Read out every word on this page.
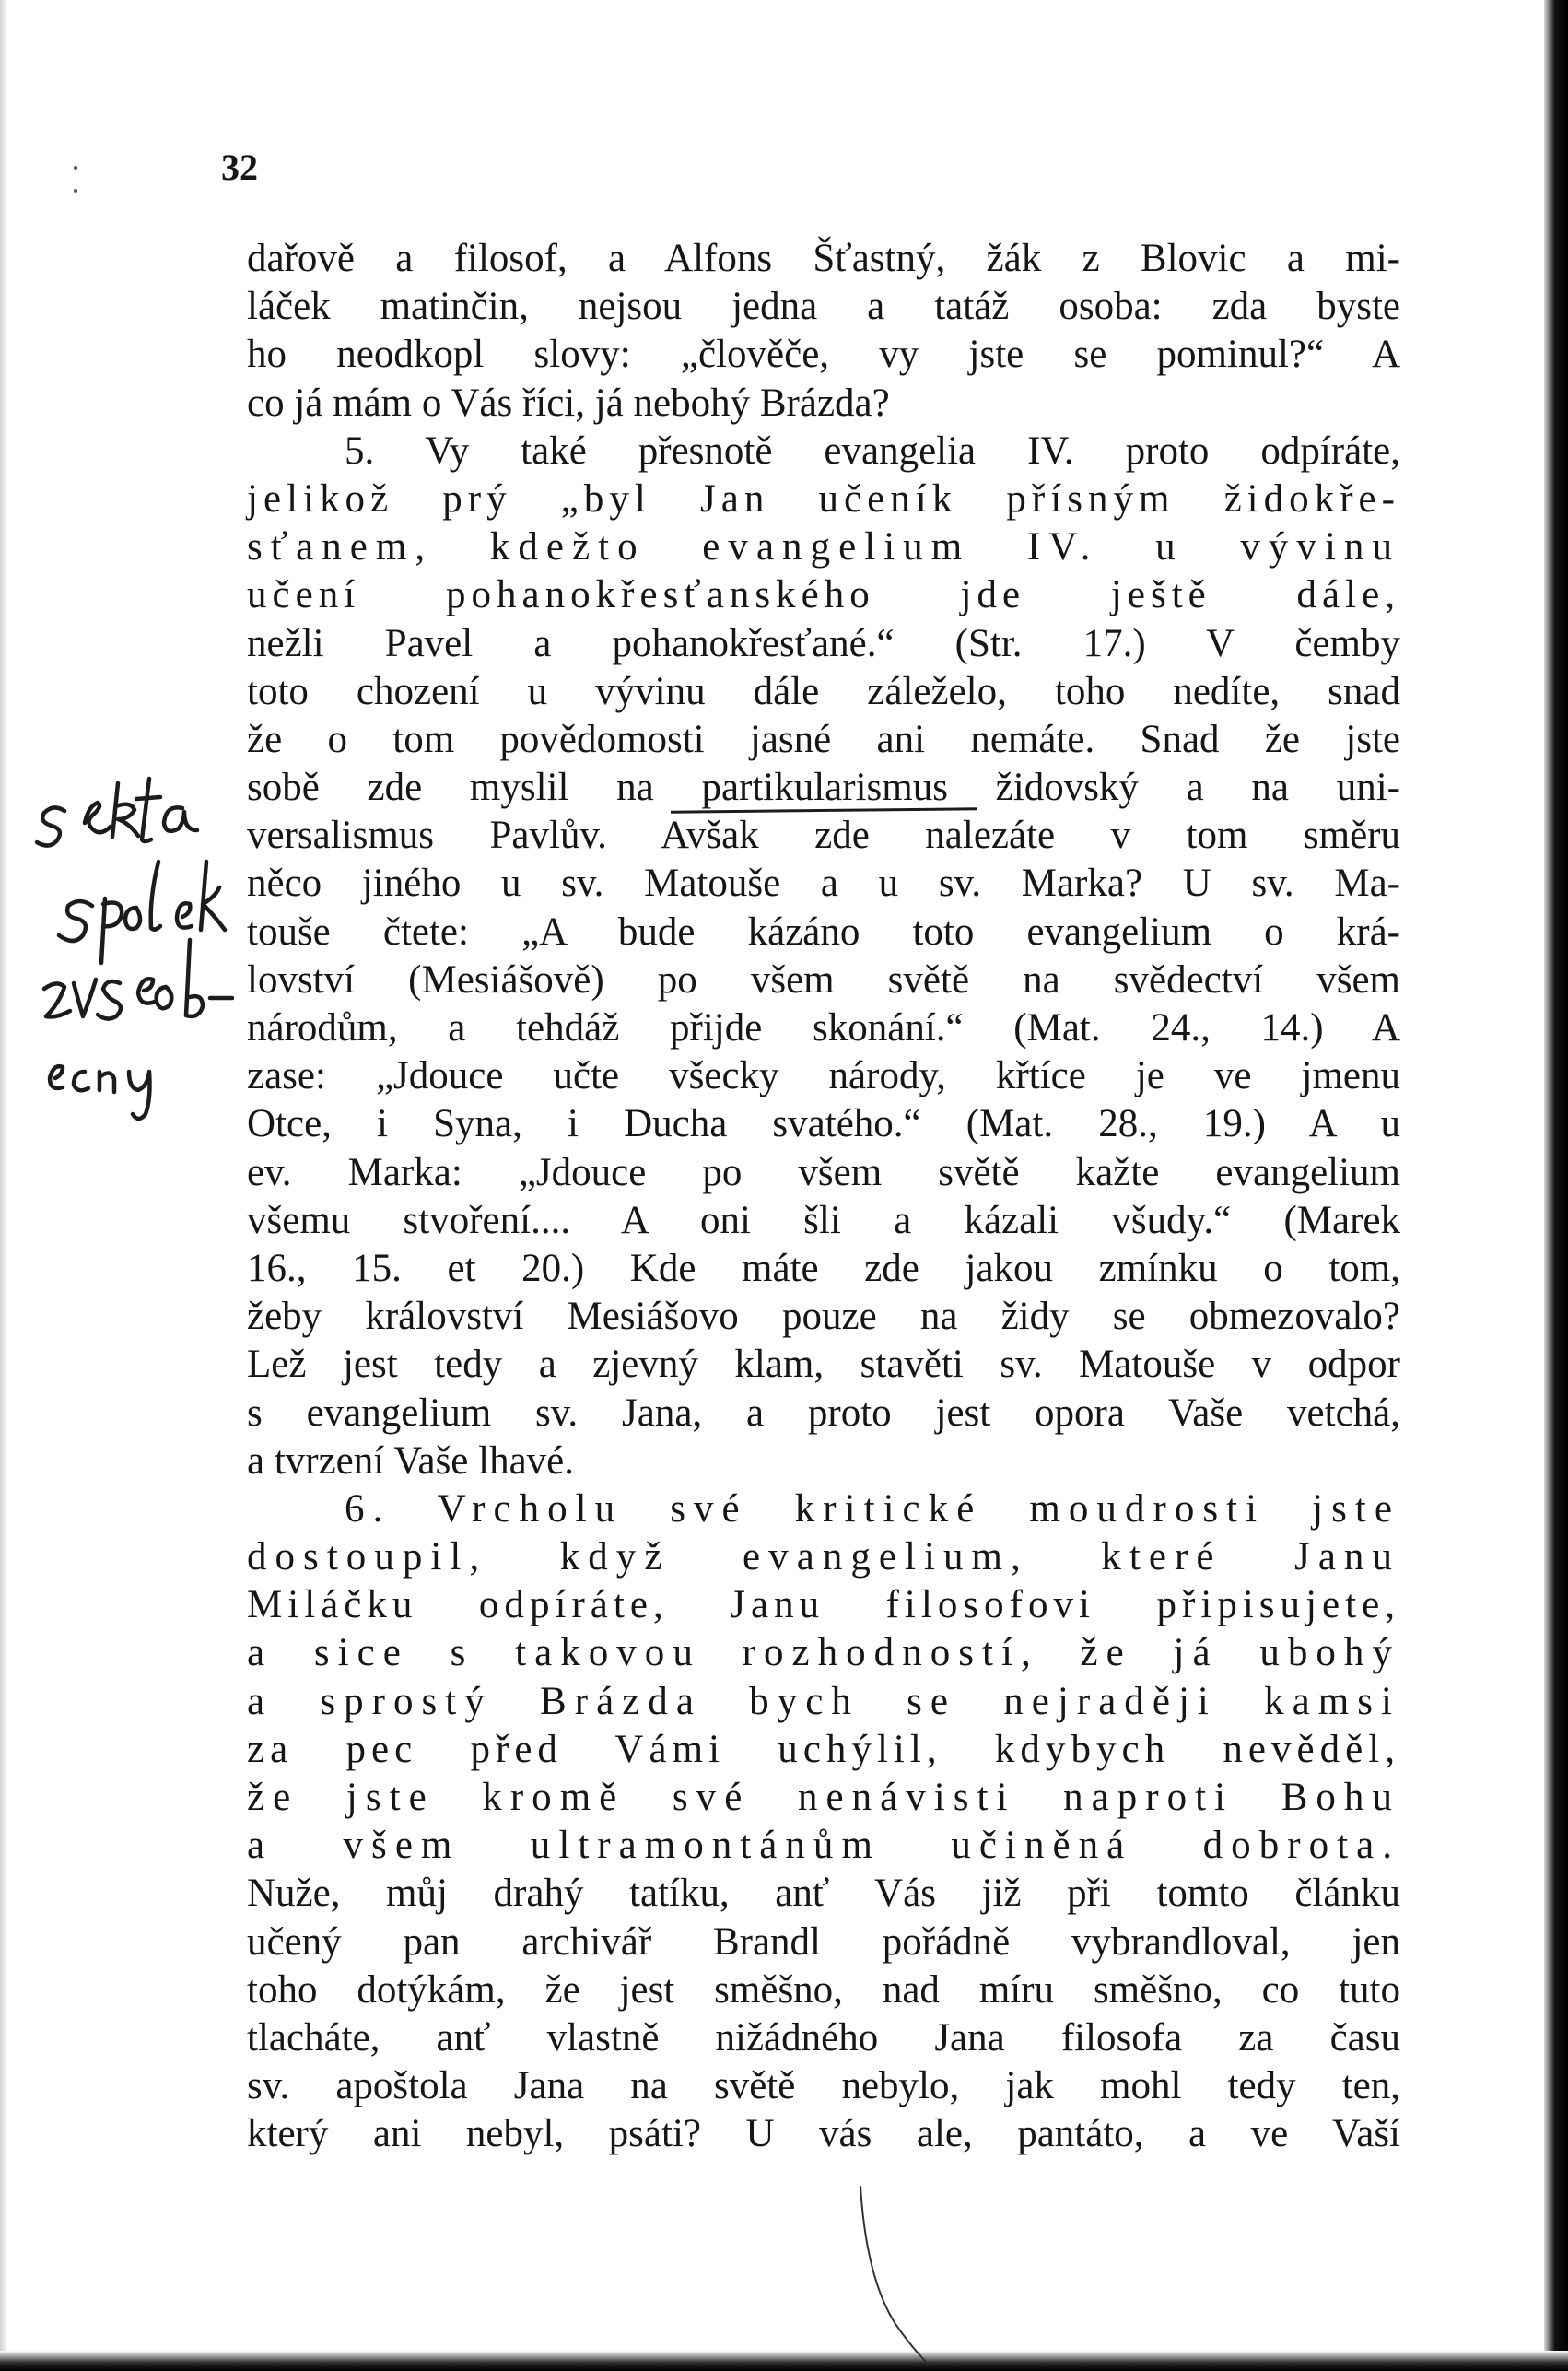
32
dařově a filosof, a Alfons Šťastný, žák z Blovic a mi-
láček matinčin, nejsou jedna a tatáž osoba: zda byste
ho neodkopl slovy: „člověče, vy jste se pominul?“ A
co já mám o Vás říci, já nebohý Brázda?
5. Vy také přesnotě evangelia IV. proto odpíráte,
jelikož prý „byl Jan učeník přísným židokře-
sťanem, kdežto evangelium IV. u vývinu
učení pohanokřesťanského jde ještě dále,
nežli Pavel a pohanokřesťané.“ (Str. 17.) V čemby
toto chození u vývinu dále záleželo, toho nedíte, snad
že o tom povědomosti jasné ani nemáte. Snad že jste
sobě zde myslil na partikularismus židovský a na uni-
versalismus Pavlův. Avšak zde nalezáte v tom směru
něco jiného u sv. Matouše a u sv. Marka? U sv. Ma-
touše čtete: „A bude kázáno toto evangelium o krá-
lovství (Mesiášově) po všem světě na svědectví všem
národům, a tehdáž přijde skonání.“ (Mat. 24., 14.) A
zase: „Jdouce učte všecky národy, křtíce je ve jmenu
Otce, i Syna, i Ducha svatého.“ (Mat. 28., 19.) A u
ev. Marka: „Jdouce po všem světě kažte evangelium
všemu stvoření.... A oni šli a kázali všudy.“ (Marek
16., 15. et 20.) Kde máte zde jakou zmínku o tom,
žeby království Mesiášovo pouze na židy se obmezovalo?
Lež jest tedy a zjevný klam, stavěti sv. Matouše v odpor
s evangelium sv. Jana, a proto jest opora Vaše vetchá,
a tvrzení Vaše lhavé.
6. Vrcholu své kritické moudrosti jste
dostoupil, když evangelium, které Janu
Miláčku odpíráte, Janu filosofovi připisujete,
a sice s takovou rozhodností, že já ubohý
a sprostý Brázda bych se nejraději kamsi
za pec před Vámi uchýlil, kdybych nevěděl,
že jste kromě své nenávisti naproti Bohu
a všem ultramontánům učiněná dobrota.
Nuže, můj drahý tatíku, anť Vás již při tomto článku
učený pan archivář Brandl pořádně vybrandloval, jen
toho dotýkám, že jest směšno, nad míru směšno, co tuto
tlacháte, anť vlastně nižádného Jana filosofa za času
sv. apoštola Jana na světě nebylo, jak mohl tedy ten,
který ani nebyl, psáti? U vás ale, pantáto, a ve Vaší
